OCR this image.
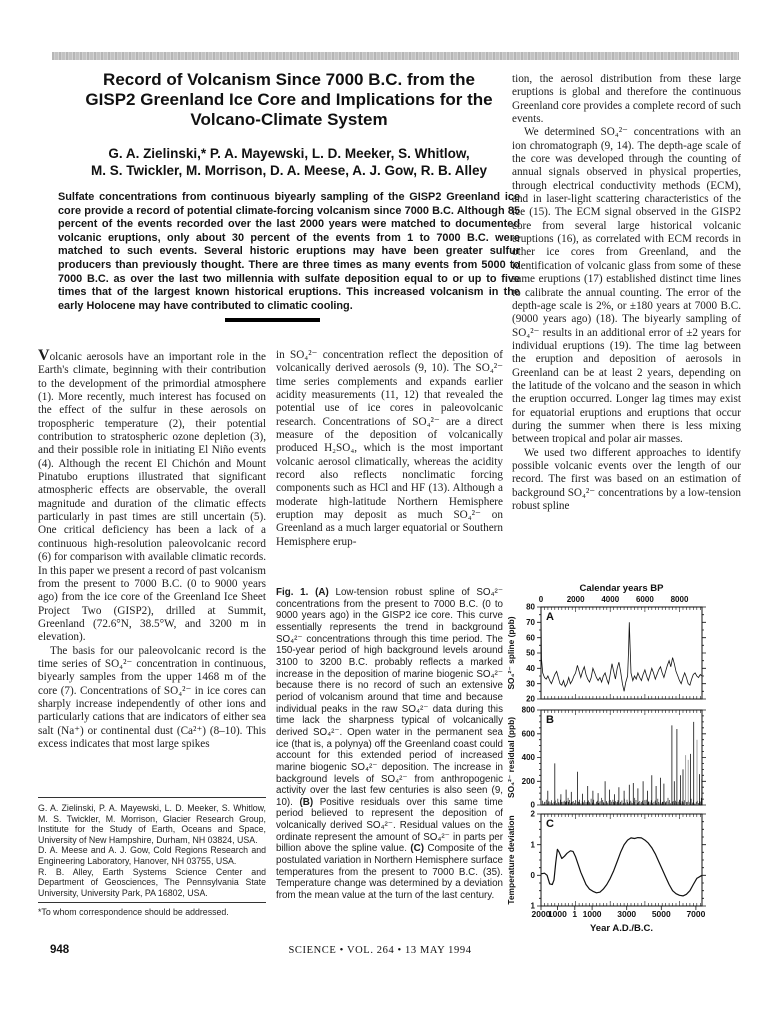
Record of Volcanism Since 7000 B.C. from the
GISP2 Greenland Ice Core and Implications for the
Volcano-Climate System
G. A. Zielinski,* P. A. Mayewski, L. D. Meeker, S. Whitlow,
M. S. Twickler, M. Morrison, D. A. Meese, A. J. Gow, R. B. Alley
Sulfate concentrations from continuous biyearly sampling of the GISP2 Greenland ice core provide a record of potential climate-forcing volcanism since 7000 B.C. Although 85 percent of the events recorded over the last 2000 years were matched to documented volcanic eruptions, only about 30 percent of the events from 1 to 7000 B.C. were matched to such events. Several historic eruptions may have been greater sulfur producers than previously thought. There are three times as many events from 5000 to 7000 B.C. as over the last two millennia with sulfate deposition equal to or up to five times that of the largest known historical eruptions. This increased volcanism in the early Holocene may have contributed to climatic cooling.

Volcanic aerosols have an important role in the Earth's climate, beginning with their contribution to the development of the primordial atmosphere (1). More recently, much interest has focused on the effect of the sulfur in these aerosols on tropospheric temperature (2), their potential contribution to stratospheric ozone depletion (3), and their possible role in initiating El Niño events (4). Although the recent El Chichón and Mount Pinatubo eruptions illustrated that significant atmospheric effects are observable, the overall magnitude and duration of the climatic effects particularly in past times are still uncertain (5). One critical deficiency has been a lack of a continuous high-resolution paleovolcanic record (6) for comparison with available climatic records. In this paper we present a record of past volcanism from the present to 7000 B.C. (0 to 9000 years ago) from the ice core of the Greenland Ice Sheet Project Two (GISP2), drilled at Summit, Greenland (72.6°N, 38.5°W, and 3200 m in elevation).

The basis for our paleovolcanic record is the time series of SO₄²⁻ concentration in continuous, biyearly samples from the upper 1468 m of the core (7). Concentrations of SO₄²⁻ in ice cores can sharply increase independently of other ions and particularly cations that are indicators of either sea salt (Na⁺) or continental dust (Ca²⁺) (8–10). This excess indicates that most large spikes

in SO₄²⁻ concentration reflect the deposition of volcanically derived aerosols (9, 10). The SO₄²⁻ time series complements and expands earlier acidity measurements (11, 12) that revealed the potential use of ice cores in paleovolcanic research. Concentrations of SO₄²⁻ are a direct measure of the deposition of volcanically produced H₂SO₄, which is the most important volcanic aerosol climatically, whereas the acidity record also reflects nonclimatic forcing components such as HCl and HF (13). Although a moderate high-latitude Northern Hemisphere eruption may deposit as much SO₄²⁻ on Greenland as a much larger equatorial or Southern Hemisphere erup-

tion, the aerosol distribution from these large eruptions is global and therefore the continuous Greenland core provides a complete record of such events.

We determined SO₄²⁻ concentrations with an ion chromatograph (9, 14). The depth-age scale of the core was developed through the counting of annual signals observed in physical properties, through electrical conductivity methods (ECM), and in laser-light scattering characteristics of the ice (15). The ECM signal observed in the GISP2 core from several large historical volcanic eruptions (16), as correlated with ECM records in other ice cores from Greenland, and the identification of volcanic glass from some of these same eruptions (17) established distinct time lines to calibrate the annual counting. The error of the depth-age scale is 2%, or ±180 years at 7000 B.C. (9000 years ago) (18). The biyearly sampling of SO₄²⁻ results in an additional error of ±2 years for individual eruptions (19). The time lag between the eruption and deposition of aerosols in Greenland can be at least 2 years, depending on the latitude of the volcano and the season in which the eruption occurred. Longer lag times may exist for equatorial eruptions and eruptions that occur during the summer when there is less mixing between tropical and polar air masses.

We used two different approaches to identify possible volcanic events over the length of our record. The first was based on an estimation of background SO₄²⁻ concentrations by a low-tension robust spline

Fig. 1. (A) Low-tension robust spline of SO₄²⁻ concentrations from the present to 7000 B.C. (0 to 9000 years ago) in the GISP2 ice core. This curve essentially represents the trend in background SO₄²⁻ concentrations through this time period. The 150-year period of high background levels around 3100 to 3200 B.C. probably reflects a marked increase in the deposition of marine biogenic SO₄²⁻ because there is no record of such an extensive period of volcanism around that time and because individual peaks in the raw SO₄²⁻ data during this time lack the sharpness typical of volcanically derived SO₄²⁻. Open water in the permanent sea ice (that is, a polynya) off the Greenland coast could account for this extended period of increased marine biogenic SO₄²⁻ deposition. The increase in background levels of SO₄²⁻ from anthropogenic activity over the last few centuries is also seen (9, 10). (B) Positive residuals over this same time period believed to represent the deposition of volcanically derived SO₄²⁻. Residual values on the ordinate represent the amount of SO₄²⁻ in parts per billion above the spline value. (C) Composite of the postulated variation in Northern Hemisphere surface temperatures from the present to 7000 B.C. (35). Temperature change was determined by a deviation from the mean value at the turn of the last century.

G. A. Zielinski, P. A. Mayewski, L. D. Meeker, S. Whitlow, M. S. Twickler, M. Morrison, Glacier Research Group, Institute for the Study of Earth, Oceans and Space, University of New Hampshire, Durham, NH 03824, USA.

D. A. Meese and A. J. Gow, Cold Regions Research and Engineering Laboratory, Hanover, NH 03755, USA.

R. B. Alley, Earth Systems Science Center and Department of Geosciences, The Pennsylvania State University, University Park, PA 16802, USA.

*To whom correspondence should be addressed.

Calendar years BP
0	2000 4000 6000 8000
20
30
40
50
60
70
80
SO₄²⁻ spline (ppb)	A
0
200
400
600
800
SO₄²⁻ residual (ppb)	B
1
0
1
2
Temperature deviation	C
2000
1000 1 1000 3000 5000 7000
Year A.D./B.C.
948	SCIENCE • VOL. 264 • 13 MAY 1994
